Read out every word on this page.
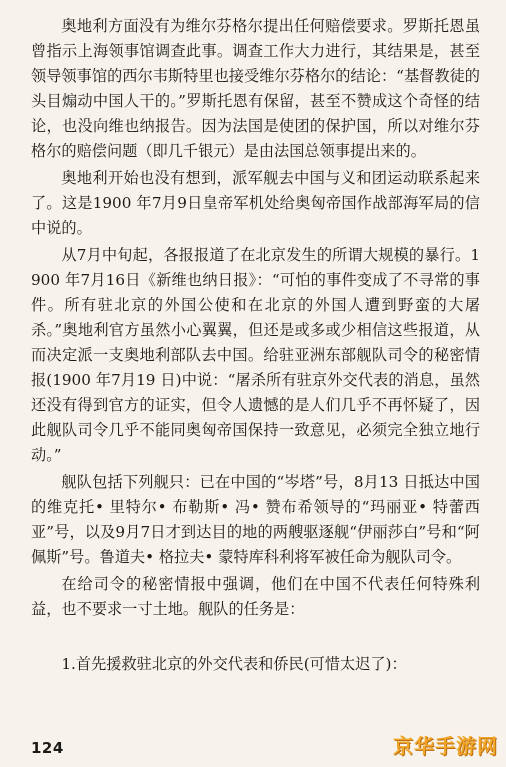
奥地利方面没有为维尔芬格尔提出任何赔偿要求。罗斯托恩虽曾指示上海领事馆调查此事。调查工作大力进行，其结果是，甚至领导领事馆的西尔韦斯特里也接受维尔芬格尔的结论：“基督教徒的头目煽动中国人干的。”罗斯托恩有保留，甚至不赞成这个奇怪的结论，也没向维也纳报告。因为法国是使团的保护国，所以对维尔芬格尔的赔偿问题（即几千银元）是由法国总领事提出来的。

奥地利开始也没有想到，派军舰去中国与义和团运动联系起来了。这是1900 年7月9日皇帝军机处给奥匈帝国作战部海军局的信中说的。

从7月中旬起，各报报道了在北京发生的所谓大规模的暴行。1900 年7月16日《新维也纳日报》：“可怕的事件变成了不寻常的事件。所有驻北京的外国公使和在北京的外国人遭到野蛮的大屠杀。”奥地利官方虽然小心翼翼，但还是或多或少相信这些报道，从而决定派一支奥地利部队去中国。给驻亚洲东部舰队司令的秘密情报(1900 年7月19 日)中说：“屠杀所有驻京外交代表的消息，虽然还没有得到官方的证实，但令人遗憾的是人们几乎不再怀疑了，因此舰队司令几乎不能同奥匈帝国保持一致意见，必须完全独立地行动。”

舰队包括下列舰只：已在中国的“岑塔”号，8月13 日抵达中国的维克托• 里特尔• 布勒斯• 冯• 赞布希领导的“玛丽亚• 特蕾西亚”号，以及9月7日才到达目的地的两艘驱逐舰“伊丽莎白”号和“阿佩斯”号。鲁道夫• 格拉夫• 蒙特库科利将军被任命为舰队司令。

在给司令的秘密情报中强调，他们在中国不代表任何特殊利益，也不要求一寸土地。舰队的任务是：

1.首先援救驻北京的外交代表和侨民(可惜太迟了)：

124	京华手游网
